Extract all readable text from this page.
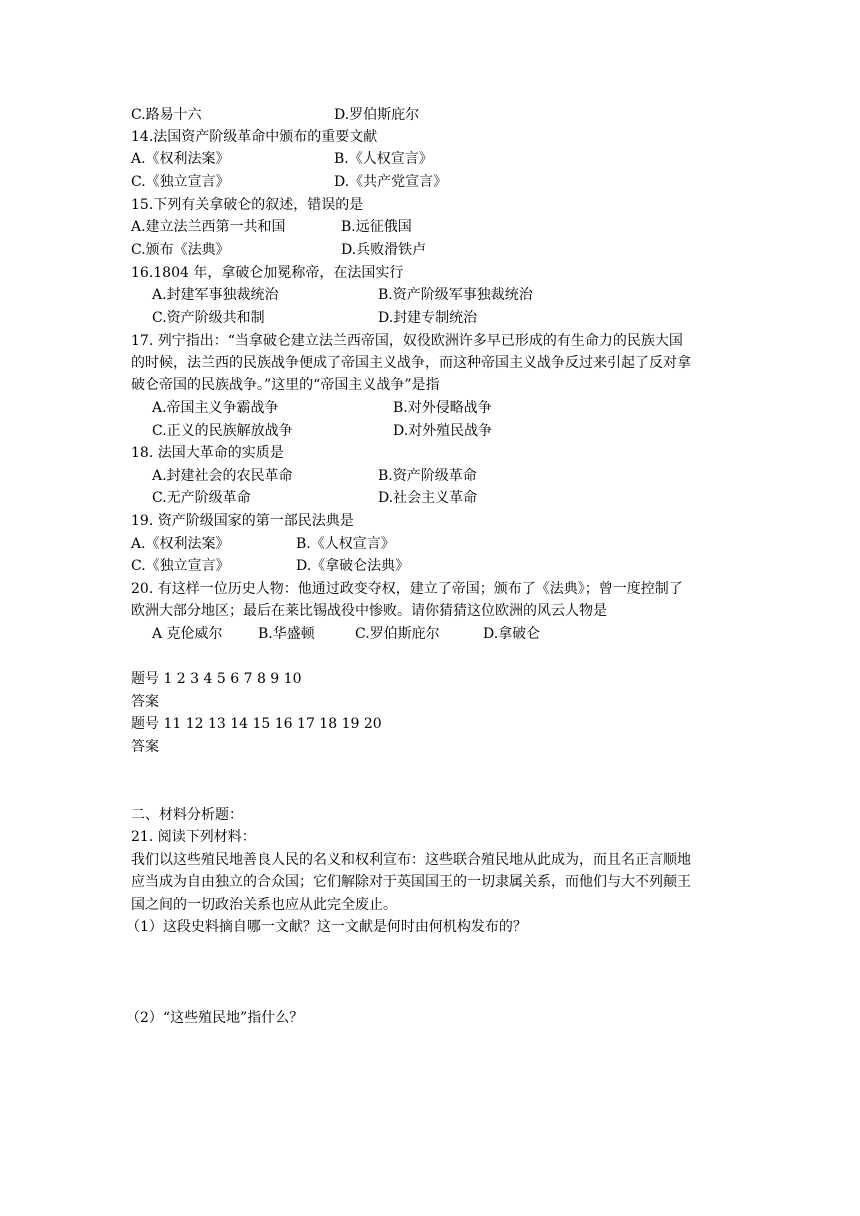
C.路易十六	D.罗伯斯庇尔
14.法国资产阶级革命中颁布的重要文献
A.《权利法案》	B.《人权宣言》
C.《独立宣言》	D.《共产党宣言》
15.下列有关拿破仑的叙述，错误的是
A.建立法兰西第一共和国	B.远征俄国
C.颁布《法典》	D.兵败滑铁卢
16.1804 年，拿破仑加冕称帝，在法国实行
A.封建军事独裁统治	B.资产阶级军事独裁统治
C.资产阶级共和制	D.封建专制统治
17. 列宁指出：“当拿破仑建立法兰西帝国，奴役欧洲许多早已形成的有生命力的民族大国
的时候，法兰西的民族战争便成了帝国主义战争，而这种帝国主义战争反过来引起了反对拿
破仑帝国的民族战争。”这里的“帝国主义战争”是指
A.帝国主义争霸战争	B.对外侵略战争
C.正义的民族解放战争	D.对外殖民战争
18. 法国大革命的实质是
A.封建社会的农民革命	B.资产阶级革命
C.无产阶级革命	D.社会主义革命
19. 资产阶级国家的第一部民法典是
A.《权利法案》	B.《人权宣言》
C.《独立宣言》	D.《拿破仑法典》
20. 有这样一位历史人物：他通过政变夺权，建立了帝国；颁布了《法典》；曾一度控制了
欧洲大部分地区；最后在莱比锡战役中惨败。请你猜猜这位欧洲的风云人物是
A 克伦威尔	B.华盛顿	C.罗伯斯庇尔	D.拿破仑
题号 1 2 3 4 5 6 7 8 9 10
答案
题号 11 12 13 14 15 16 17 18 19 20
答案
二、材料分析题：
21. 阅读下列材料：
我们以这些殖民地善良人民的名义和权利宣布：这些联合殖民地从此成为，而且名正言顺地
应当成为自由独立的合众国；它们解除对于英国国王的一切隶属关系，而他们与大不列颠王
国之间的一切政治关系也应从此完全废止。
（1）这段史料摘自哪一文献？这一文献是何时由何机构发布的？
（2）“这些殖民地”指什么？
